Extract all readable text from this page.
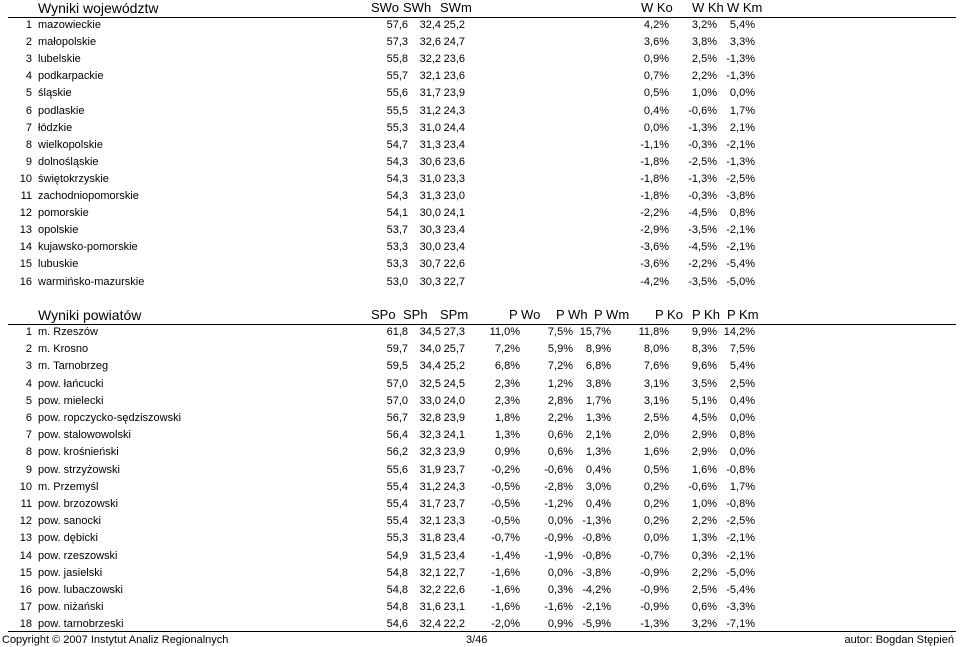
Wyniki województw	SWo SWh SWm	W Ko W Kh W Km
1 mazowieckie	57,6	32,4 25,2	4,2%	3,2%	5,4%
2 małopolskie	57,3	32,6 24,7	3,6%	3,8%	3,3%
3 lubelskie	55,8	32,2 23,6	0,9%	2,5% -1,3%
4 podkarpackie	55,7	32,1 23,6	0,7%	2,2% -1,3%
5 śląskie	55,6	31,7 23,9	0,5%	1,0%	0,0%
6 podlaskie	55,5	31,2 24,3	0,4%	-0,6%	1,7%
7 łódzkie	55,3	31,0 24,4	0,0%	-1,3%	2,1%
8 wielkopolskie	54,7	31,3 23,4	-1,1%	-0,3% -2,1%
9 dolnośląskie	54,3	30,6 23,6	-1,8%	-2,5% -1,3%
10 świętokrzyskie	54,3	31,0 23,3	-1,8%	-1,3% -2,5%
11 zachodniopomorskie	54,3	31,3 23,0	-1,8%	-0,3% -3,8%
12 pomorskie	54,1	30,0 24,1	-2,2%	-4,5%	0,8%
13 opolskie	53,7	30,3 23,4	-2,9%	-3,5% -2,1%
14 kujawsko-pomorskie	53,3	30,0 23,4	-3,6%	-4,5% -2,1%
15 lubuskie	53,3	30,7 22,6	-3,6%	-2,2% -5,4%
16 warmińsko-mazurskie	53,0	30,3 22,7	-4,2%	-3,5% -5,0%
Wyniki powiatów	SPo SPh SPm	P Wo P Wh P Wm P Ko P Kh P Km
1 m. Rzeszów	61,8	34,5 27,3	11,0%	7,5% 15,7%	11,8%	9,9% 14,2%
2 m. Krosno	59,7	34,0 25,7	7,2%	5,9%	8,9%	8,0%	8,3%	7,5%
3 m. Tarnobrzeg	59,5	34,4 25,2	6,8%	7,2%	6,8%	7,6%	9,6%	5,4%
4 pow. łańcucki	57,0	32,5 24,5	2,3%	1,2%	3,8%	3,1%	3,5%	2,5%
5 pow. mielecki	57,0	33,0 24,0	2,3%	2,8%	1,7%	3,1%	5,1%	0,4%
6 pow. ropczycko-sędziszowski	56,7	32,8 23,9	1,8%	2,2%	1,3%	2,5%	4,5%	0,0%
7 pow. stalowowolski	56,4	32,3 24,1	1,3%	0,6%	2,1%	2,0%	2,9%	0,8%
8 pow. krośnieński	56,2	32,3 23,9	0,9%	0,6%	1,3%	1,6%	2,9%	0,0%
9 pow. strzyżowski	55,6	31,9 23,7	-0,2%	-0,6%	0,4%	0,5%	1,6% -0,8%
10 m. Przemyśl	55,4	31,2 24,3	-0,5%	-2,8%	3,0%	0,2%	-0,6%	1,7%
11 pow. brzozowski	55,4	31,7 23,7	-0,5%	-1,2%	0,4%	0,2%	1,0% -0,8%
12 pow. sanocki	55,4	32,1 23,3	-0,5%	0,0% -1,3%	0,2%	2,2% -2,5%
13 pow. dębicki	55,3	31,8 23,4	-0,7%	-0,9% -0,8%	0,0%	1,3% -2,1%
14 pow. rzeszowski	54,9	31,5 23,4	-1,4%	-1,9% -0,8%	-0,7%	0,3% -2,1%
15 pow. jasielski	54,8	32,1 22,7	-1,6%	0,0% -3,8%	-0,9%	2,2% -5,0%
16 pow. lubaczowski	54,8	32,2 22,6	-1,6%	0,3% -4,2%	-0,9%	2,5% -5,4%
17 pow. niżański	54,8	31,6 23,1	-1,6%	-1,6% -2,1%	-0,9%	0,6% -3,3%
18 pow. tarnobrzeski	54,6	32,4 22,2	-2,0%	0,9% -5,9%	-1,3%	3,2% -7,1%
Copyright © 2007 Instytut Analiz Regionalnych	3/46	autor: Bogdan Stępień
